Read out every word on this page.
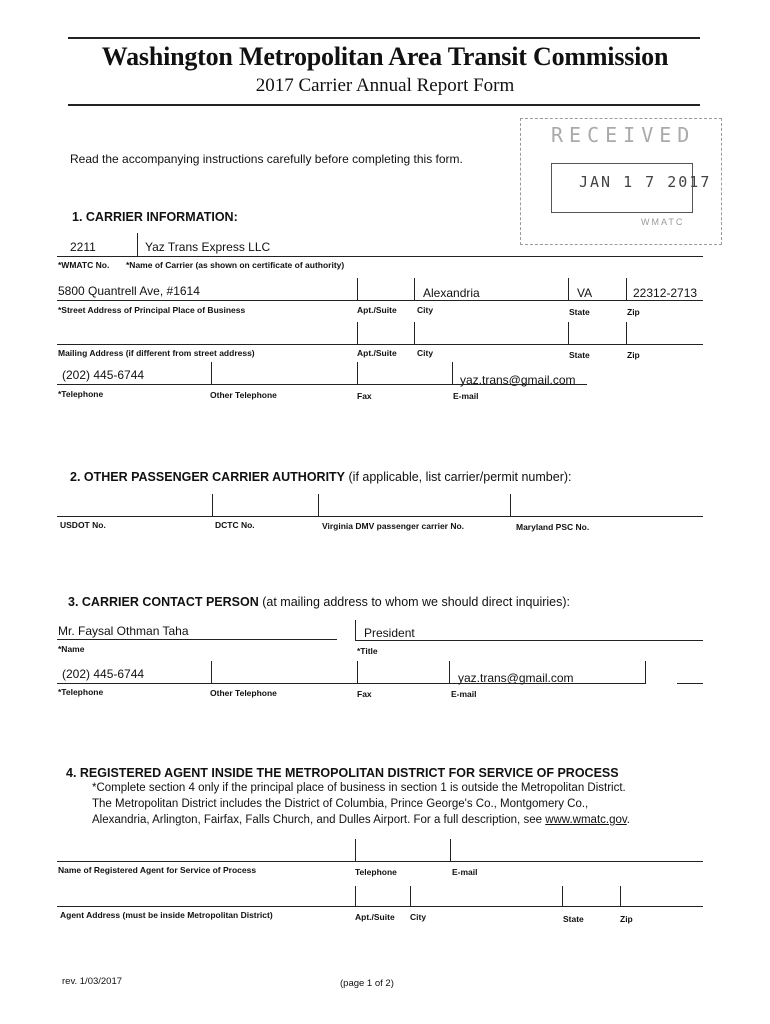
Washington Metropolitan Area Transit Commission
2017 Carrier Annual Report Form
RECEIVED
JAN 1 7 2017
WMATC
Read the accompanying instructions carefully before completing this form.
1. CARRIER INFORMATION:
2211	Yaz Trans Express LLC
*WMATC No. *Name of Carrier (as shown on certificate of authority)
5800 Quantrell Ave, #1614	Alexandria	VA	22312-2713
*Street Address of Principal Place of Business	Apt./Suite City	State	Zip
Mailing Address (if different from street address)	Apt./Suite City	State	Zip
(202) 445-6744	yaz.trans@gmail.com
*Telephone	Other Telephone	Fax	E-mail
2. OTHER PASSENGER CARRIER AUTHORITY (if applicable, list carrier/permit number):
USDOT No.	DCTC No.	Virginia DMV passenger carrier No.	Maryland PSC No.
3. CARRIER CONTACT PERSON (at mailing address to whom we should direct inquiries):
Mr. Faysal Othman Taha	President
*Name	*Title
(202) 445-6744	yaz.trans@gmail.com
*Telephone	Other Telephone	Fax	E-mail
4. REGISTERED AGENT INSIDE THE METROPOLITAN DISTRICT FOR SERVICE OF PROCESS
*Complete section 4 only if the principal place of business in section 1 is outside the Metropolitan District.
The Metropolitan District includes the District of Columbia, Prince George's Co., Montgomery Co.,
Alexandria, Arlington, Fairfax, Falls Church, and Dulles Airport. For a full description, see www.wmatc.gov.
Name of Registered Agent for Service of Process	Telephone	E-mail
Agent Address (must be inside Metropolitan District)	Apt./Suite City	State	Zip
rev. 1/03/2017	(page 1 of 2)
